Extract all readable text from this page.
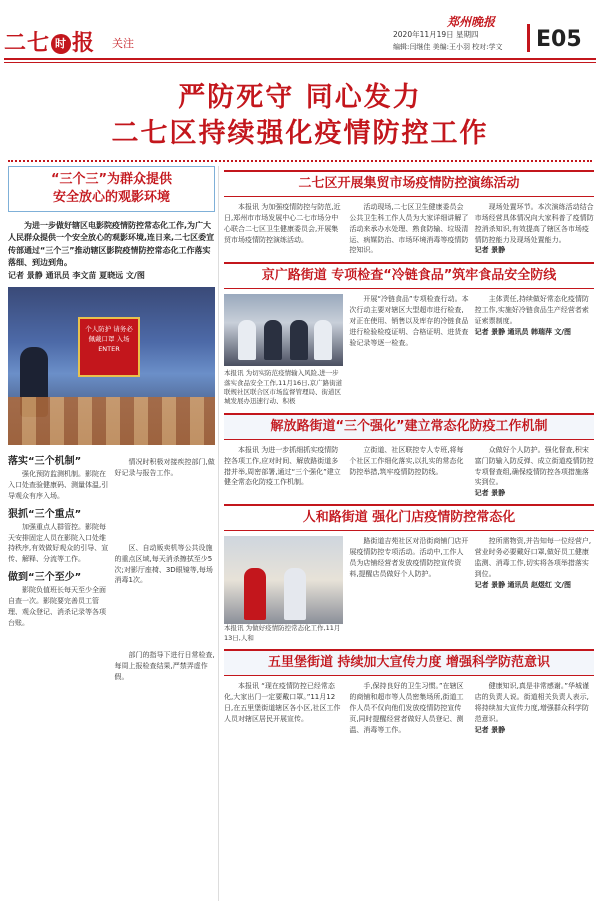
二七 时 报 关注
郑州晚报
2020年11月19日 星期四
编辑:闫继佳 美编:王小羽 校对:学文 E05
严防死守 同心发力
二七区持续强化疫情防控工作
“三个三”为群众提供
安全放心的观影环境
为进一步做好辖区电影院疫情防控常态化工作,为广大人民群众提供一个安全放心的观影环境,连日来,二七区委宣传部通过“三个三”推动辖区影院疫情防控常态化工作落实落细、到边到角。
记者 景静 通讯员 李文苗 夏晓远 文/图
个人防护 请务必佩戴口罩 入场 ENTER
落实“三个机制”
强化预防监测机制。影院在入口处查验健康码、测量体温,引导观众有序入场。
狠抓“三个重点”
加强重点人群管控。影院每天安排固定人员在影院入口处维持秩序,有效做好观众的引导、宣传、解释、分流等工作。
做到“三个至少”
影院负值班长每天至少全面自查一次。影院要完善员工管理、观众登记、消杀记录等各项台账。
情况时积极对接疾控部门,做好记录与报告工作。
区、自动贩卖机等公共设施的重点区域,每天消杀擦拭至少5次;对影厅座椅、3D眼镜等,每场消毒1次。
部门的指导下进行日常检查,每周上报检查结果,严禁弄虚作假。
二七区开展集贸市场疫情防控演练活动
本报讯 为加强疫情防控与防范,近日,郑州市市场发展中心二七市场分中心联合二七区卫生健康委员会,开展集贸市场疫情防控演练活动。
活动现场,二七区卫生健康委员会公共卫生科工作人员为大家详细讲解了活动来承办水处理、熟食防输、垃圾清运、病媒防治、市场环境消毒等疫情防控知识。
现场处置环节。本次演练活动结合市场经营具体情况向大家科普了疫情防控消杀知识,有效提高了辖区各市场疫情防控能力及现场处置能力。
记者 景静
京广路街道 专项检查“冷链食品”筑牢食品安全防线
本报讯 为切实防范疫情输入风险,进一步落实食品安全工作,11月16日,京广路街道联规社区联合区市场监督管理局、街道区城发展办迅速行动、积极
开展“冷链食品”专项检查行动。本次行动主要对辖区大型超市进行检查,对正在使用、销售以及库存的冷链食品进行检验检疫证明、合格证明、进货查验记录等逐一检查。
主体责任,持续做好常态化疫情防控工作,实施好冷链食品生产经营者索证索票制度。
记者 景静 通讯员 韩瑞萍 文/图
解放路街道“三个强化”建立常态化防疫工作机制
本报讯 为进一步抓细抓实疫情防控各项工作,应对时间、解放路街道多措并举,周密部署,通过“三个强化”建立健全常态化防疫工作机制。
立街道、社区联控专人专班,将每个社区工作细化落实,以扎实的常态化防控举措,筑牢疫情防控防线。
众做好个人防护。强化督查,积宋富门防输入防反弹、成立街道疫情防控专项督查组,确保疫情防控各项措施落实到位。
记者 景静
人和路街道 强化门店疫情防控常态化
本报讯 为做好疫情防控常态化工作,11月13日,人和
路街道吉苑社区对沿街商铺门店开展疫情防控专项活动。活动中,工作人员为店铺经营者发放疫情防控宣传资料,提醒店员做好个人防护。
控所需物资,并告知每一位经营户,营业时务必要戴好口罩,做好员工健康监测、消毒工作,切实将各项举措落实到位。
记者 景静 通讯员 赵煜红 文/图
五里堡街道 持续加大宣传力度 增强科学防范意识
本报讯 “现在疫情防控已经常态化,大家出门一定要戴口罩。”11月12日,在五里堡街道辖区各小区,社区工作人员对辖区居民开展宣传。
手,保持良好的卫生习惯。”在辖区的商铺和超市等人员密集场所,街道工作人员不仅向他们发放疫情防控宣传页,同时提醒经营者做好人员登记、测温、消毒等工作。
健康知识,真是非常感谢。”华城谨店的负责人说。街道相关负责人表示,将持续加大宣传力度,增强群众科学防范意识。
记者 景静
